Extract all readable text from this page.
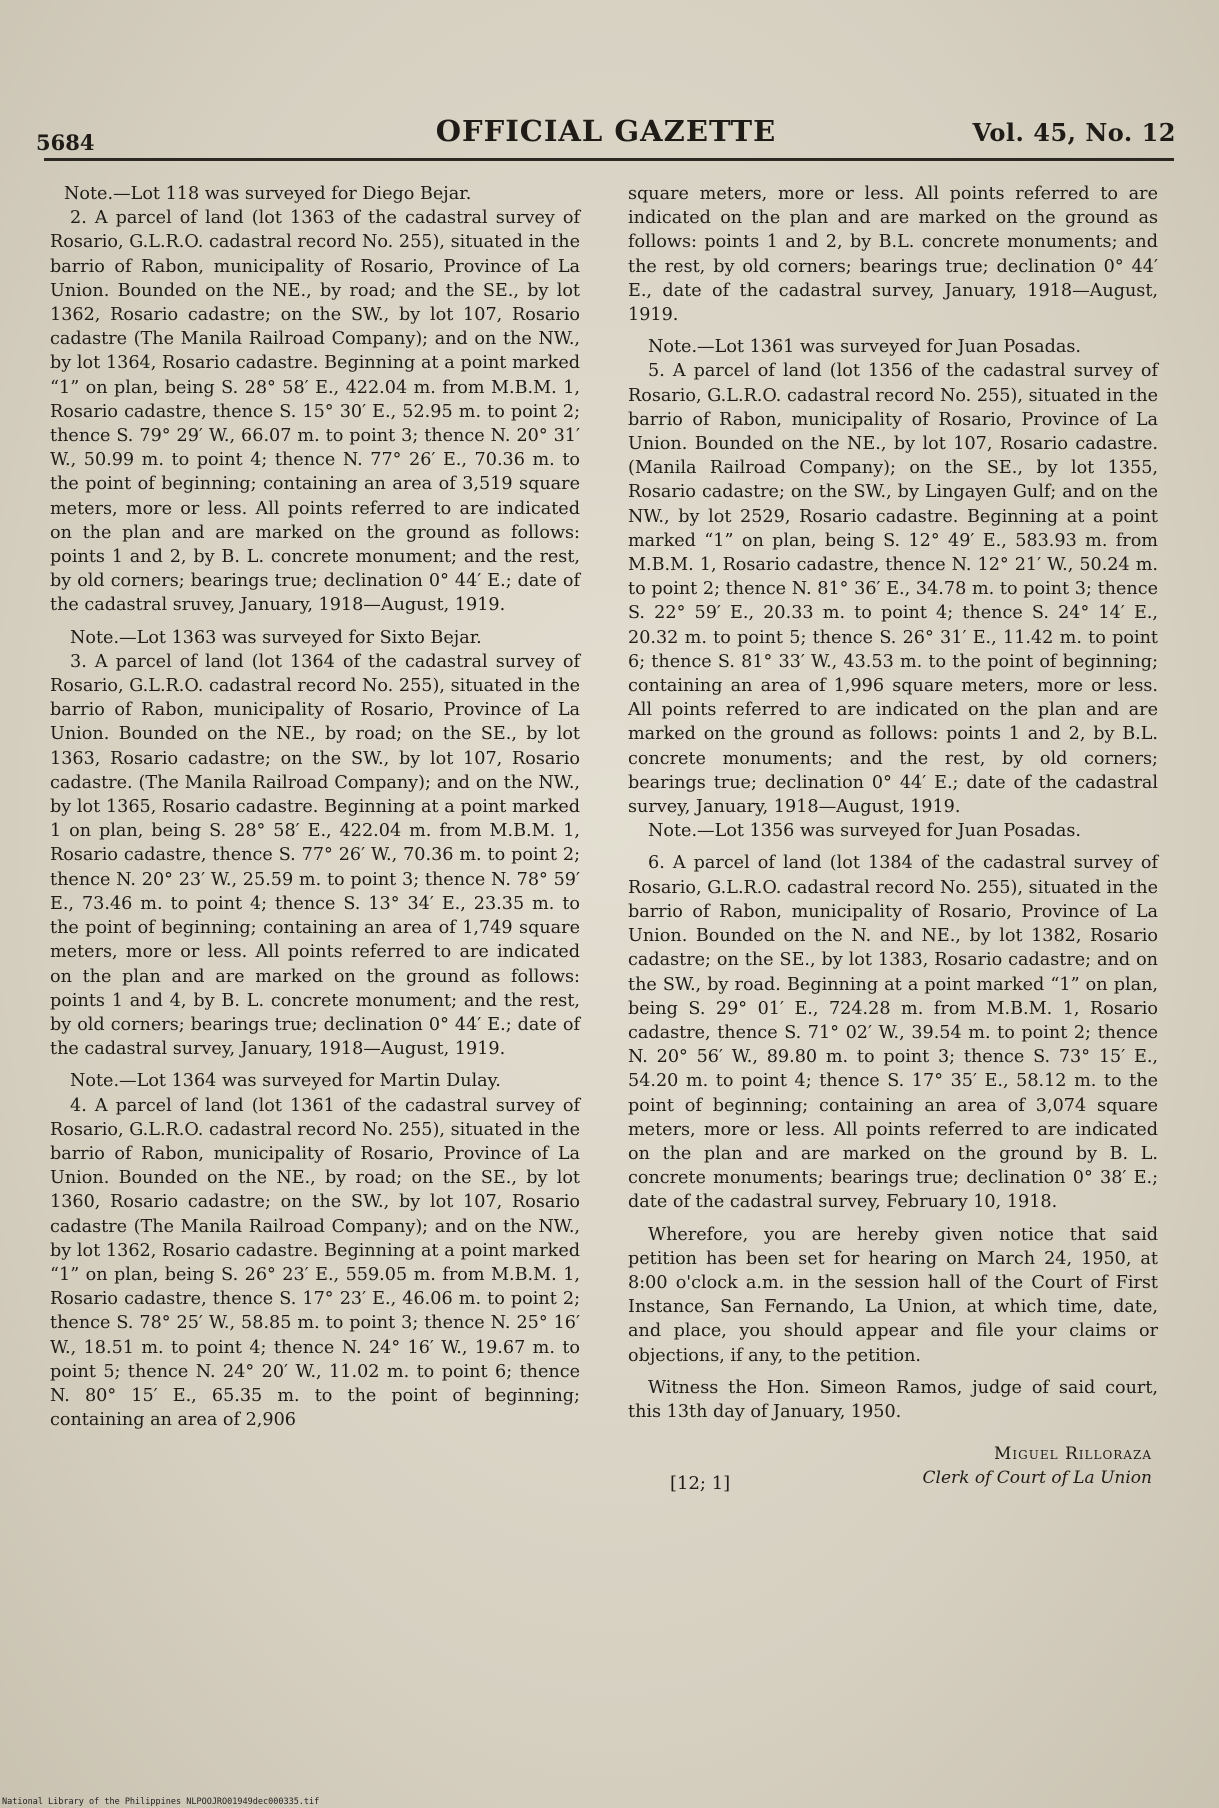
5684	OFFICIAL GAZETTE	Vol. 45, No. 12

Note.—Lot 118 was surveyed for Diego Bejar.

2. A parcel of land (lot 1363 of the cadastral survey of Rosario, G.L.R.O. cadastral record No. 255), situated in the barrio of Rabon, municipality of Rosario, Province of La Union. Bounded on the NE., by road; and the SE., by lot 1362, Rosario cadastre; on the SW., by lot 107, Rosario cadastre (The Manila Railroad Company); and on the NW., by lot 1364, Rosario cadastre. Beginning at a point marked “1” on plan, being S. 28° 58′ E., 422.04 m. from M.B.M. 1, Rosario cadastre, thence S. 15° 30′ E., 52.95 m. to point 2; thence S. 79° 29′ W., 66.07 m. to point 3; thence N. 20° 31′ W., 50.99 m. to point 4; thence N. 77° 26′ E., 70.36 m. to the point of beginning; containing an area of 3,519 square meters, more or less. All points referred to are indicated on the plan and are marked on the ground as follows: points 1 and 2, by B. L. concrete monument; and the rest, by old corners; bearings true; declination 0° 44′ E.; date of the cadastral sruvey, January, 1918—August, 1919.

Note.—Lot 1363 was surveyed for Sixto Bejar.

3. A parcel of land (lot 1364 of the cadastral survey of Rosario, G.L.R.O. cadastral record No. 255), situated in the barrio of Rabon, municipality of Rosario, Province of La Union. Bounded on the NE., by road; on the SE., by lot 1363, Rosario cadastre; on the SW., by lot 107, Rosario cadastre. (The Manila Railroad Company); and on the NW., by lot 1365, Rosario cadastre. Beginning at a point marked 1 on plan, being S. 28° 58′ E., 422.04 m. from M.B.M. 1, Rosario cadastre, thence S. 77° 26′ W., 70.36 m. to point 2; thence N. 20° 23′ W., 25.59 m. to point 3; thence N. 78° 59′ E., 73.46 m. to point 4; thence S. 13° 34′ E., 23.35 m. to the point of beginning; containing an area of 1,749 square meters, more or less. All points referred to are indicated on the plan and are marked on the ground as follows: points 1 and 4, by B. L. concrete monument; and the rest, by old corners; bearings true; declination 0° 44′ E.; date of the cadastral survey, January, 1918—August, 1919.

Note.—Lot 1364 was surveyed for Martin Dulay.

4. A parcel of land (lot 1361 of the cadastral survey of Rosario, G.L.R.O. cadastral record No. 255), situated in the barrio of Rabon, municipality of Rosario, Province of La Union. Bounded on the NE., by road; on the SE., by lot 1360, Rosario cadastre; on the SW., by lot 107, Rosario cadastre (The Manila Railroad Company); and on the NW., by lot 1362, Rosario cadastre. Beginning at a point marked “1” on plan, being S. 26° 23′ E., 559.05 m. from M.B.M. 1, Rosario cadastre, thence S. 17° 23′ E., 46.06 m. to point 2; thence S. 78° 25′ W., 58.85 m. to point 3; thence N. 25° 16′ W., 18.51 m. to point 4; thence N. 24° 16′ W., 19.67 m. to point 5; thence N. 24° 20′ W., 11.02 m. to point 6; thence N. 80° 15′ E., 65.35 m. to the point of beginning; containing an area of 2,906

square meters, more or less. All points referred to are indicated on the plan and are marked on the ground as follows: points 1 and 2, by B.L. concrete monuments; and the rest, by old corners; bearings true; declination 0° 44′ E., date of the cadastral survey, January, 1918—August, 1919.

Note.—Lot 1361 was surveyed for Juan Posadas.

5. A parcel of land (lot 1356 of the cadastral survey of Rosario, G.L.R.O. cadastral record No. 255), situated in the barrio of Rabon, municipality of Rosario, Province of La Union. Bounded on the NE., by lot 107, Rosario cadastre. (Manila Railroad Company); on the SE., by lot 1355, Rosario cadastre; on the SW., by Lingayen Gulf; and on the NW., by lot 2529, Rosario cadastre. Beginning at a point marked “1” on plan, being S. 12° 49′ E., 583.93 m. from M.B.M. 1, Rosario cadastre, thence N. 12° 21′ W., 50.24 m. to point 2; thence N. 81° 36′ E., 34.78 m. to point 3; thence S. 22° 59′ E., 20.33 m. to point 4; thence S. 24° 14′ E., 20.32 m. to point 5; thence S. 26° 31′ E., 11.42 m. to point 6; thence S. 81° 33′ W., 43.53 m. to the point of beginning; containing an area of 1,996 square meters, more or less. All points referred to are indicated on the plan and are marked on the ground as follows: points 1 and 2, by B.L. concrete monuments; and the rest, by old corners; bearings true; declination 0° 44′ E.; date of the cadastral survey, January, 1918—August, 1919.

Note.—Lot 1356 was surveyed for Juan Posadas.

6. A parcel of land (lot 1384 of the cadastral survey of Rosario, G.L.R.O. cadastral record No. 255), situated in the barrio of Rabon, municipality of Rosario, Province of La Union. Bounded on the N. and NE., by lot 1382, Rosario cadastre; on the SE., by lot 1383, Rosario cadastre; and on the SW., by road. Beginning at a point marked “1” on plan, being S. 29° 01′ E., 724.28 m. from M.B.M. 1, Rosario cadastre, thence S. 71° 02′ W., 39.54 m. to point 2; thence N. 20° 56′ W., 89.80 m. to point 3; thence S. 73° 15′ E., 54.20 m. to point 4; thence S. 17° 35′ E., 58.12 m. to the point of beginning; containing an area of 3,074 square meters, more or less. All points referred to are indicated on the plan and are marked on the ground by B. L. concrete monuments; bearings true; declination 0° 38′ E.; date of the cadastral survey, February 10, 1918.

Wherefore, you are hereby given notice that said petition has been set for hearing on March 24, 1950, at 8:00 o'clock a.m. in the session hall of the Court of First Instance, San Fernando, La Union, at which time, date, and place, you should appear and file your claims or objections, if any, to the petition.

Witness the Hon. Simeon Ramos, judge of said court, this 13th day of January, 1950.

[12; 1]
Miguel Rilloraza
Clerk of Court of La Union
National Library of the Philippines NLPOOJRO01949dec000335.tif
